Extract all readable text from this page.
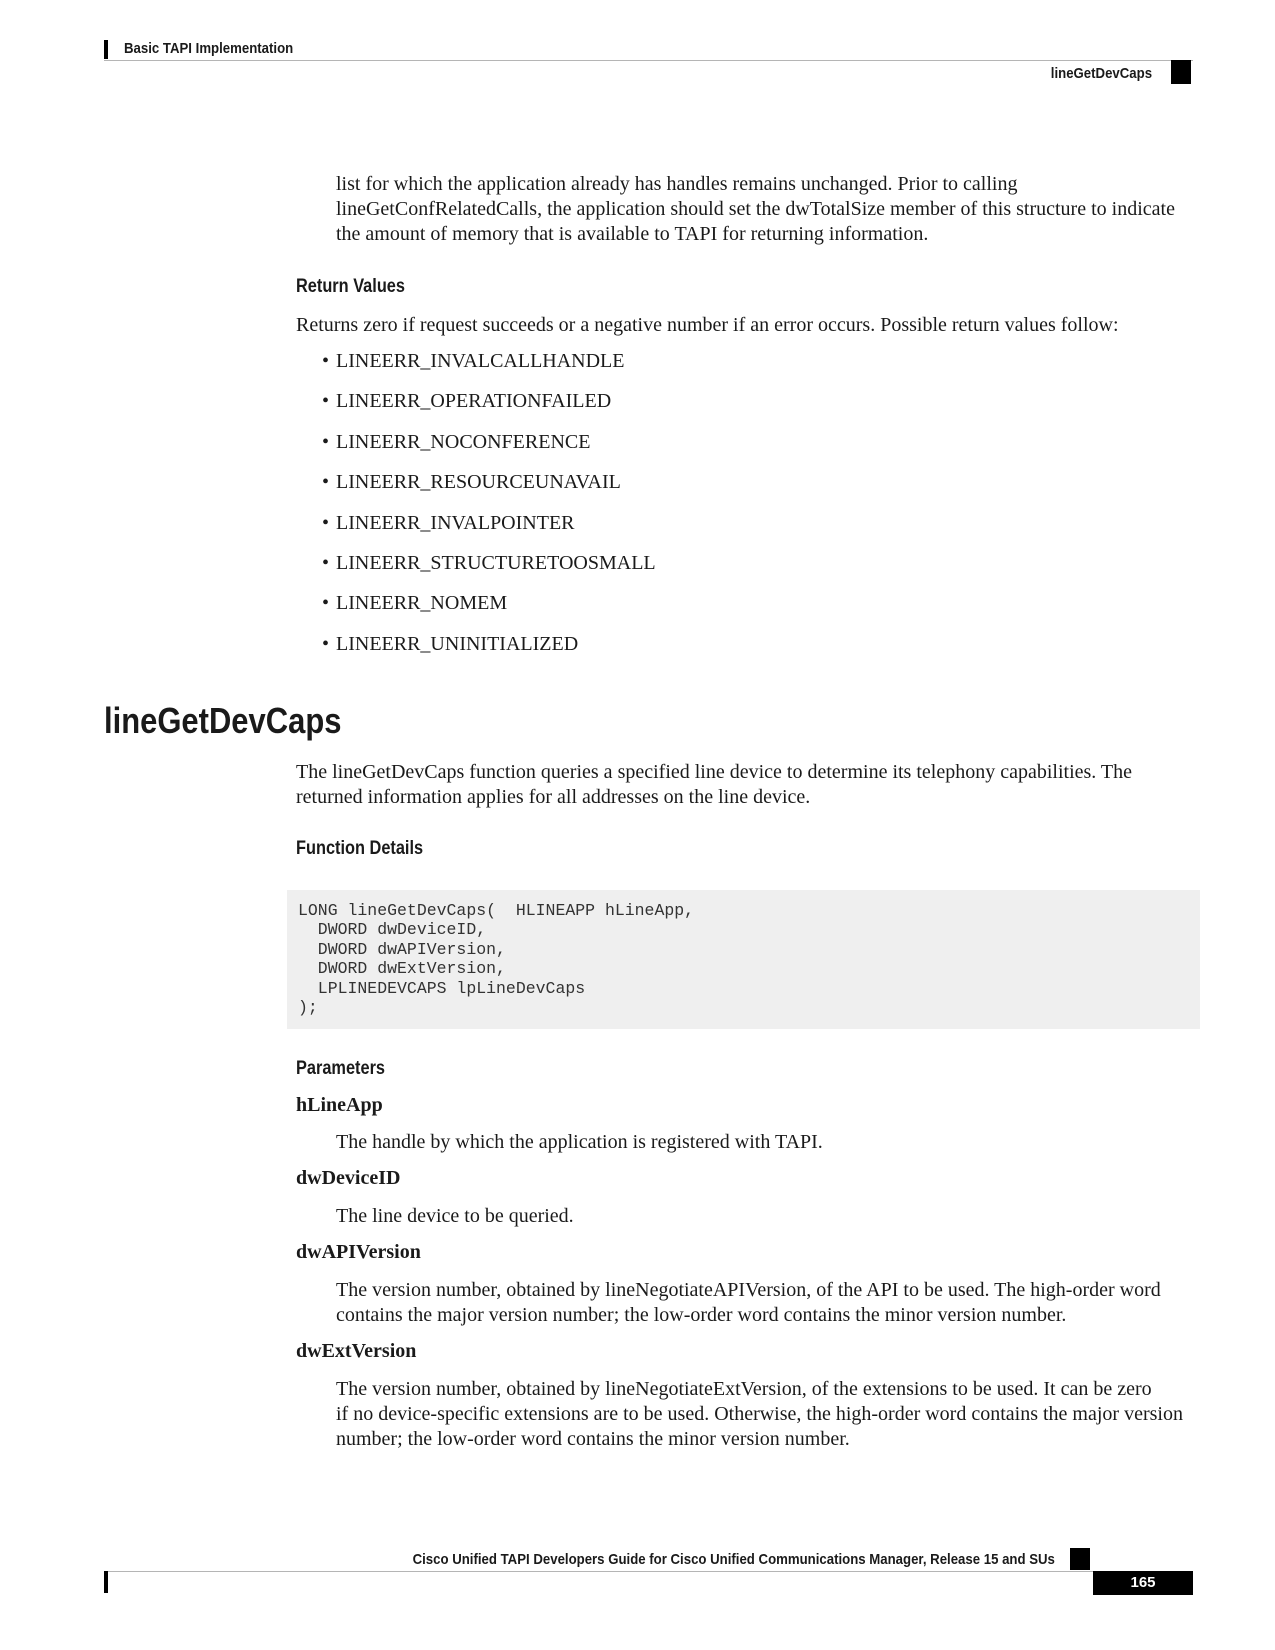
Basic TAPI Implementation
lineGetDevCaps
list for which the application already has handles remains unchanged. Prior to calling
lineGetConfRelatedCalls, the application should set the dwTotalSize member of this structure to indicate
the amount of memory that is available to TAPI for returning information.
Return Values
Returns zero if request succeeds or a negative number if an error occurs. Possible return values follow:
• LINEERR_INVALCALLHANDLE
• LINEERR_OPERATIONFAILED
• LINEERR_NOCONFERENCE
• LINEERR_RESOURCEUNAVAIL
• LINEERR_INVALPOINTER
• LINEERR_STRUCTURETOOSMALL
• LINEERR_NOMEM
• LINEERR_UNINITIALIZED
lineGetDevCaps
The lineGetDevCaps function queries a specified line device to determine its telephony capabilities. The
returned information applies for all addresses on the line device.
Function Details
LONG lineGetDevCaps(  HLINEAPP hLineApp,
DWORD dwDeviceID,
DWORD dwAPIVersion,
DWORD dwExtVersion,
LPLINEDEVCAPS lpLineDevCaps
);
Parameters
hLineApp
The handle by which the application is registered with TAPI.
dwDeviceID
The line device to be queried.
dwAPIVersion
The version number, obtained by lineNegotiateAPIVersion, of the API to be used. The high-order word
contains the major version number; the low-order word contains the minor version number.
dwExtVersion
The version number, obtained by lineNegotiateExtVersion, of the extensions to be used. It can be zero
if no device-specific extensions are to be used. Otherwise, the high-order word contains the major version
number; the low-order word contains the minor version number.
Cisco Unified TAPI Developers Guide for Cisco Unified Communications Manager, Release 15 and SUs
165
